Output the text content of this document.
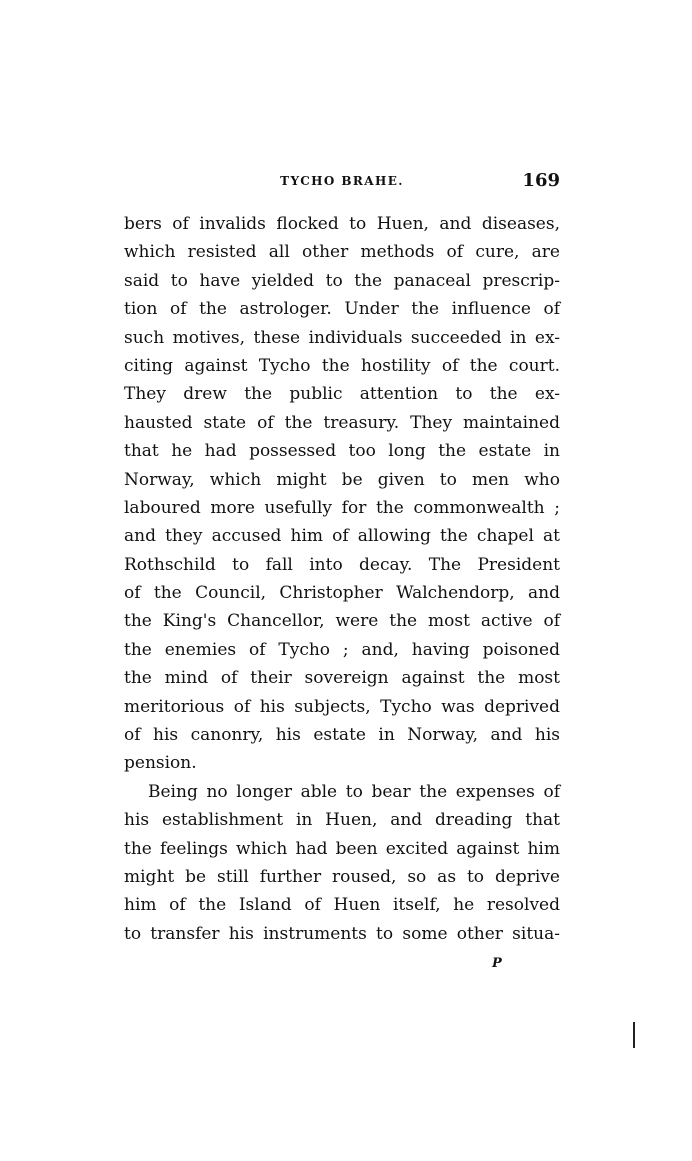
TYCHO BRAHE.	169
bers of invalids flocked to Huen, and diseases,
which resisted all other methods of cure, are
said to have yielded to the panaceal prescrip-
tion of the astrologer. Under the influence of
such motives, these individuals succeeded in ex-
citing against Tycho the hostility of the court.
They drew the public attention to the ex-
hausted state of the treasury. They maintained
that he had possessed too long the estate in
Norway, which might be given to men who
laboured more usefully for the commonwealth ;
and they accused him of allowing the chapel at
Rothschild to fall into decay. The President
of the Council, Christopher Walchendorp, and
the King's Chancellor, were the most active of
the enemies of Tycho ; and, having poisoned
the mind of their sovereign against the most
meritorious of his subjects, Tycho was deprived
of his canonry, his estate in Norway, and his
pension.
Being no longer able to bear the expenses of
his establishment in Huen, and dreading that
the feelings which had been excited against him
might be still further roused, so as to deprive
him of the Island of Huen itself, he resolved
to transfer his instruments to some other situa-
P
